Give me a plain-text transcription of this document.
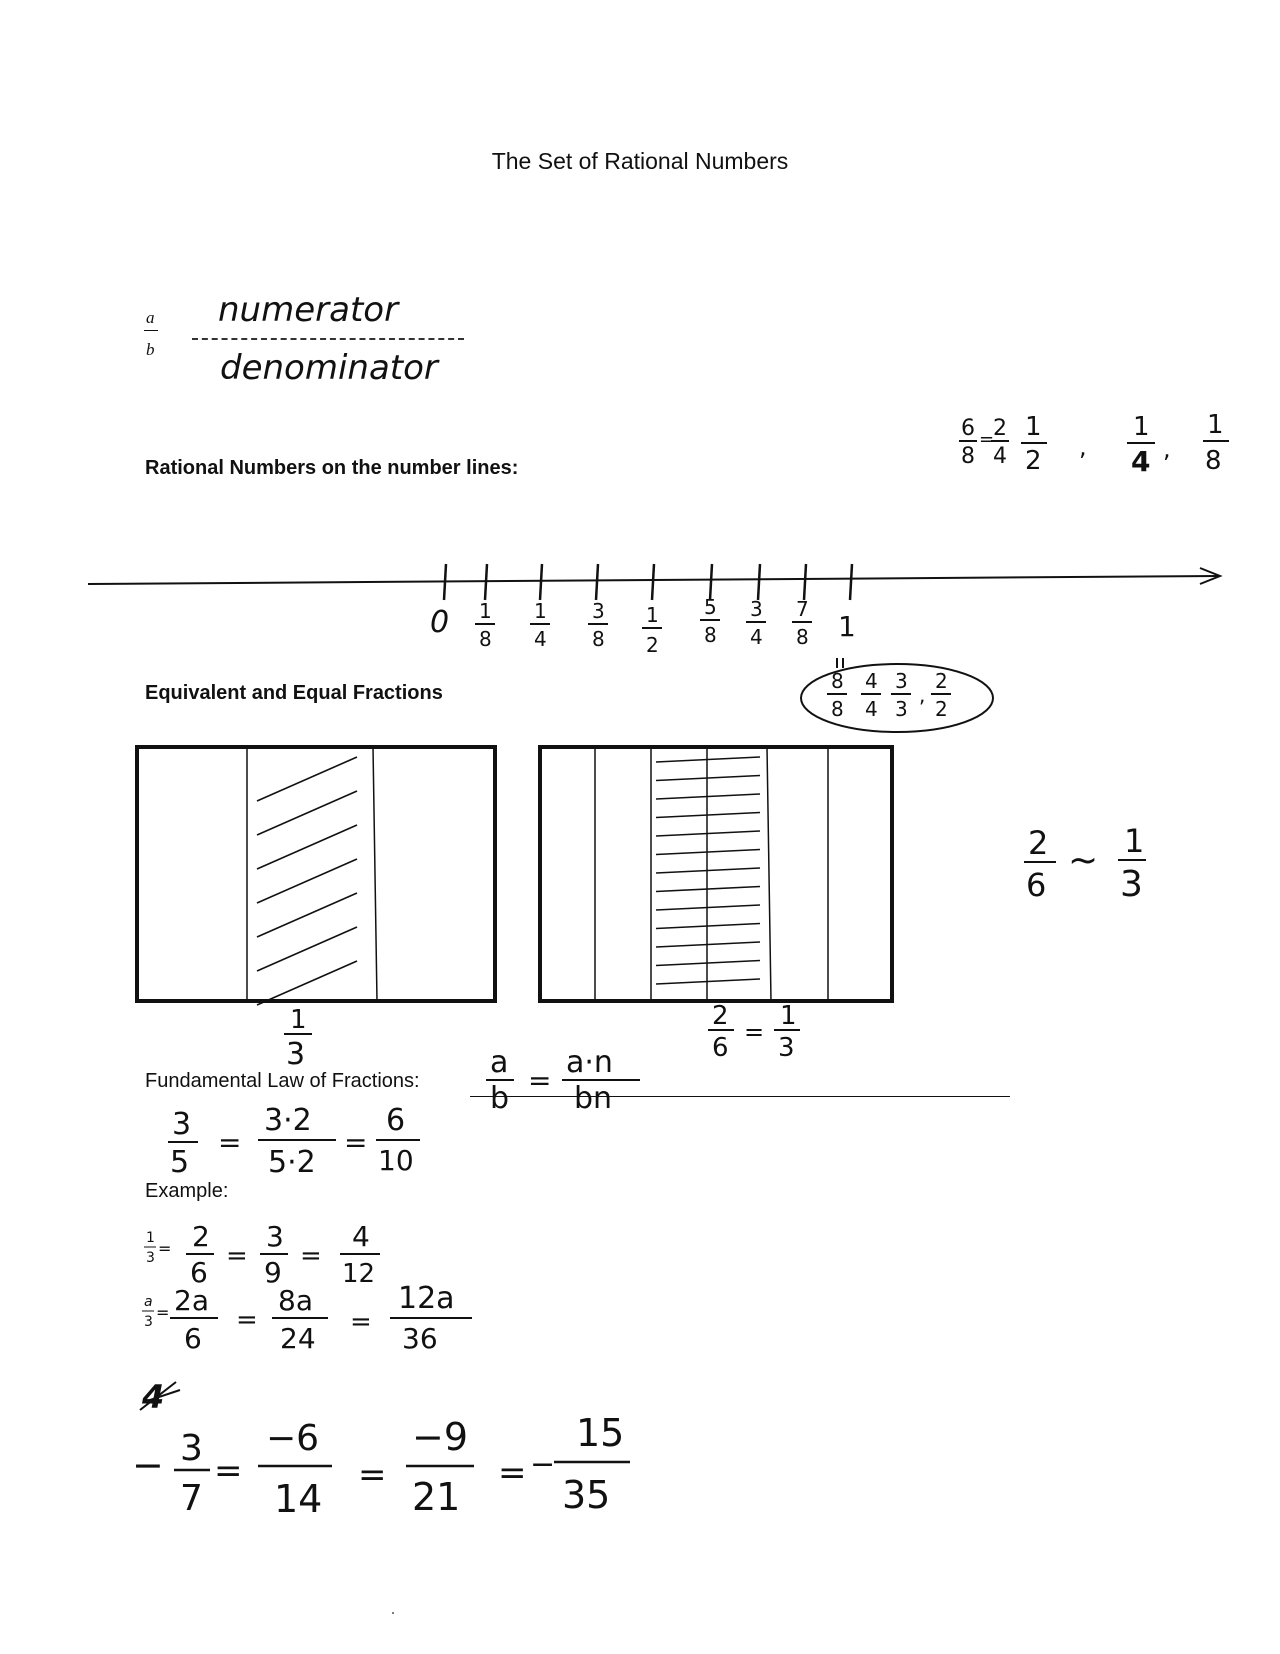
The Set of Rational Numbers
a
b
numerator
denominator
6
8
=
2
4
1
2 ,
1
4 ,
1
8
Rational Numbers on the number lines:
0 1
8
1
4
3
8
1
2
5
8
3
4
7
8 1
Equivalent and Equal Fractions	8
8
4
4
3
3
,
2
2
1
3
2
6
=
1
3
2
6
~ 1
3
Fundamental Law of Fractions:
a
b
=
a·n
bn
3
5
=
3·2
5·2
=
6
10
Example:
1
3 = 2
6 =
3
9 =
4
12
a
3 = 2a
6
=
8a
24 =
12a
36
4
− 3
7
=
−6
14
=
−9
21
= −
15
35
